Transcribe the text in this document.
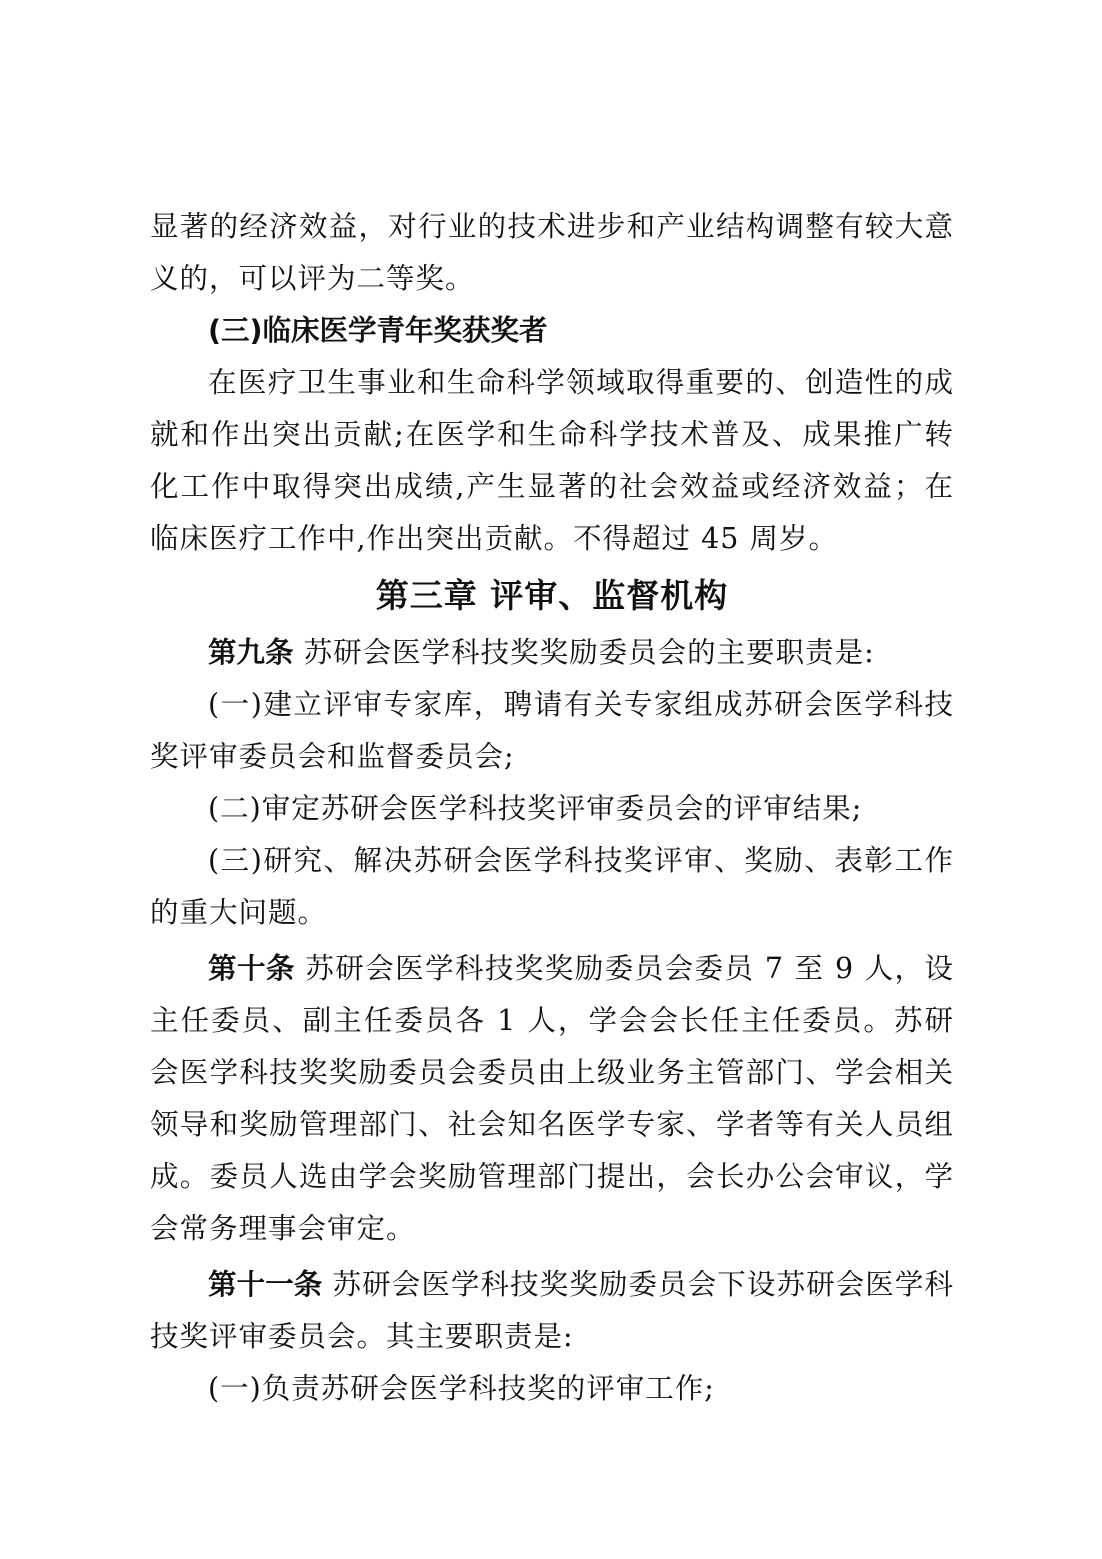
显著的经济效益，对行业的技术进步和产业结构调整有较大意义的，可以评为二等奖。

(三)临床医学青年奖获奖者

在医疗卫生事业和生命科学领域取得重要的、创造性的成就和作出突出贡献;在医学和生命科学技术普及、成果推广转化工作中取得突出成绩,产生显著的社会效益或经济效益；在临床医疗工作中,作出突出贡献。不得超过 45 周岁。

第三章 评审、监督机构

第九条 苏研会医学科技奖奖励委员会的主要职责是:

(一)建立评审专家库，聘请有关专家组成苏研会医学科技奖评审委员会和监督委员会;

(二)审定苏研会医学科技奖评审委员会的评审结果;

(三)研究、解决苏研会医学科技奖评审、奖励、表彰工作的重大问题。

第十条 苏研会医学科技奖奖励委员会委员 7 至 9 人，设主任委员、副主任委员各 1 人，学会会长任主任委员。苏研会医学科技奖奖励委员会委员由上级业务主管部门、学会相关领导和奖励管理部门、社会知名医学专家、学者等有关人员组成。委员人选由学会奖励管理部门提出，会长办公会审议，学会常务理事会审定。

第十一条 苏研会医学科技奖奖励委员会下设苏研会医学科技奖评审委员会。其主要职责是:

(一)负责苏研会医学科技奖的评审工作;
